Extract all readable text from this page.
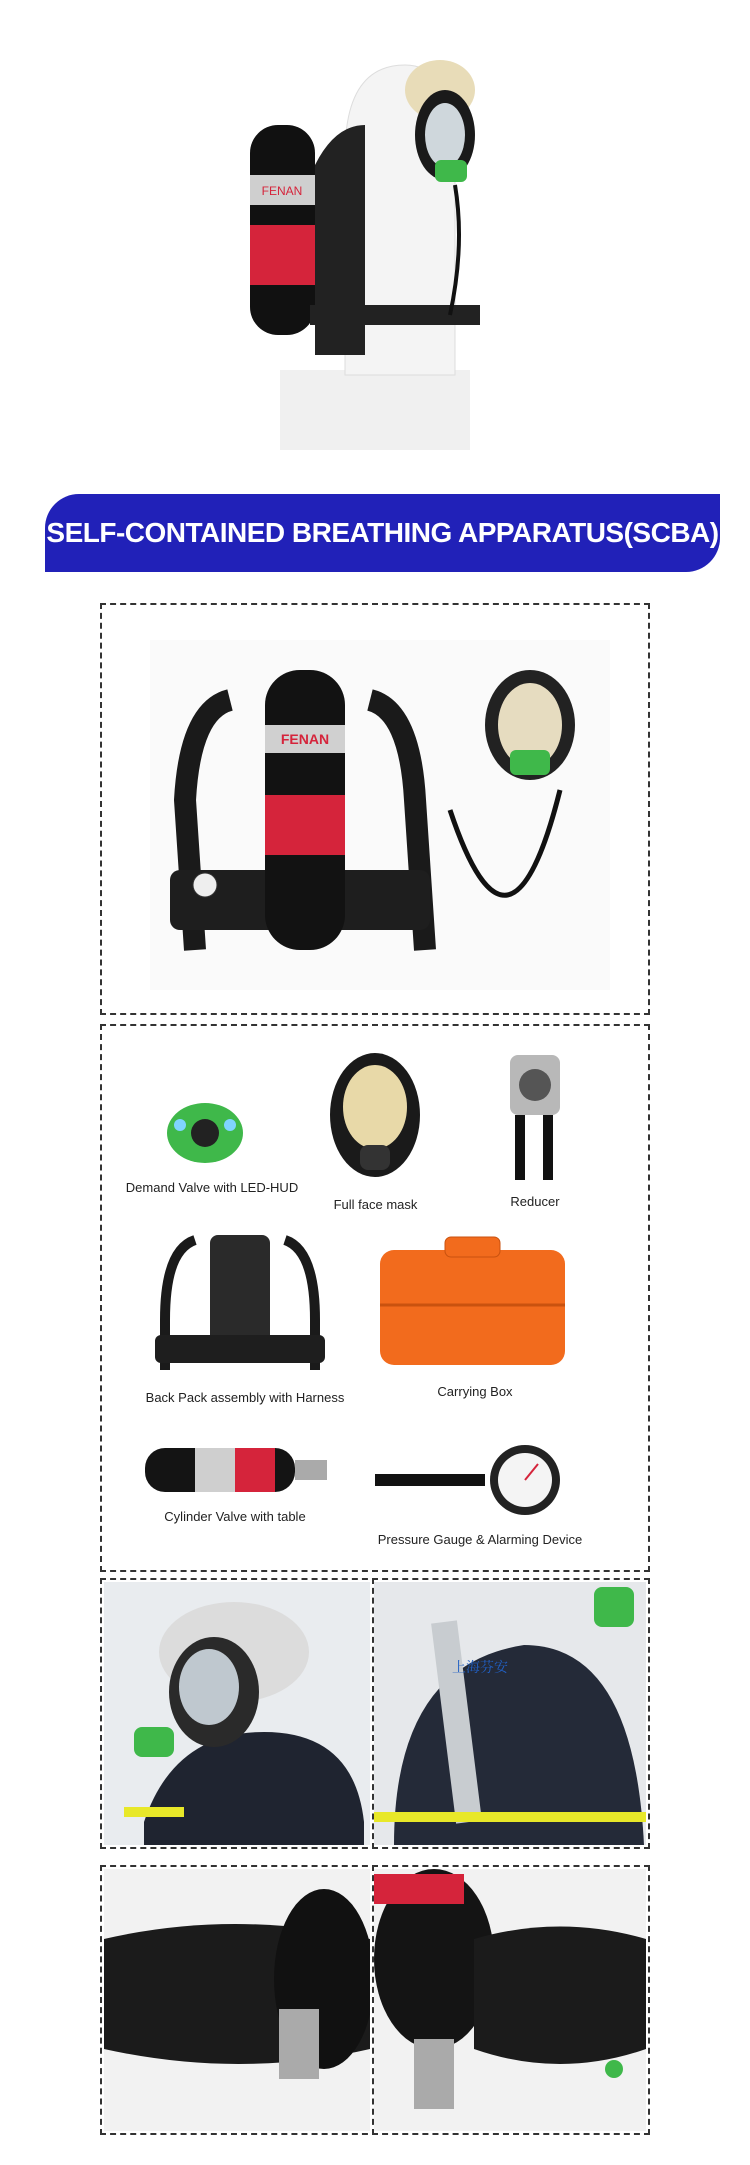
FENAN
SELF-CONTAINED BREATHING APPARATUS(SCBA)
FENAN
Demand Valve with LED-HUD
Full face mask	Reducer
Back Pack assembly with Harness	Carrying Box
Cylinder Valve with table
Pressure Gauge & Alarming Device
上海芬安
